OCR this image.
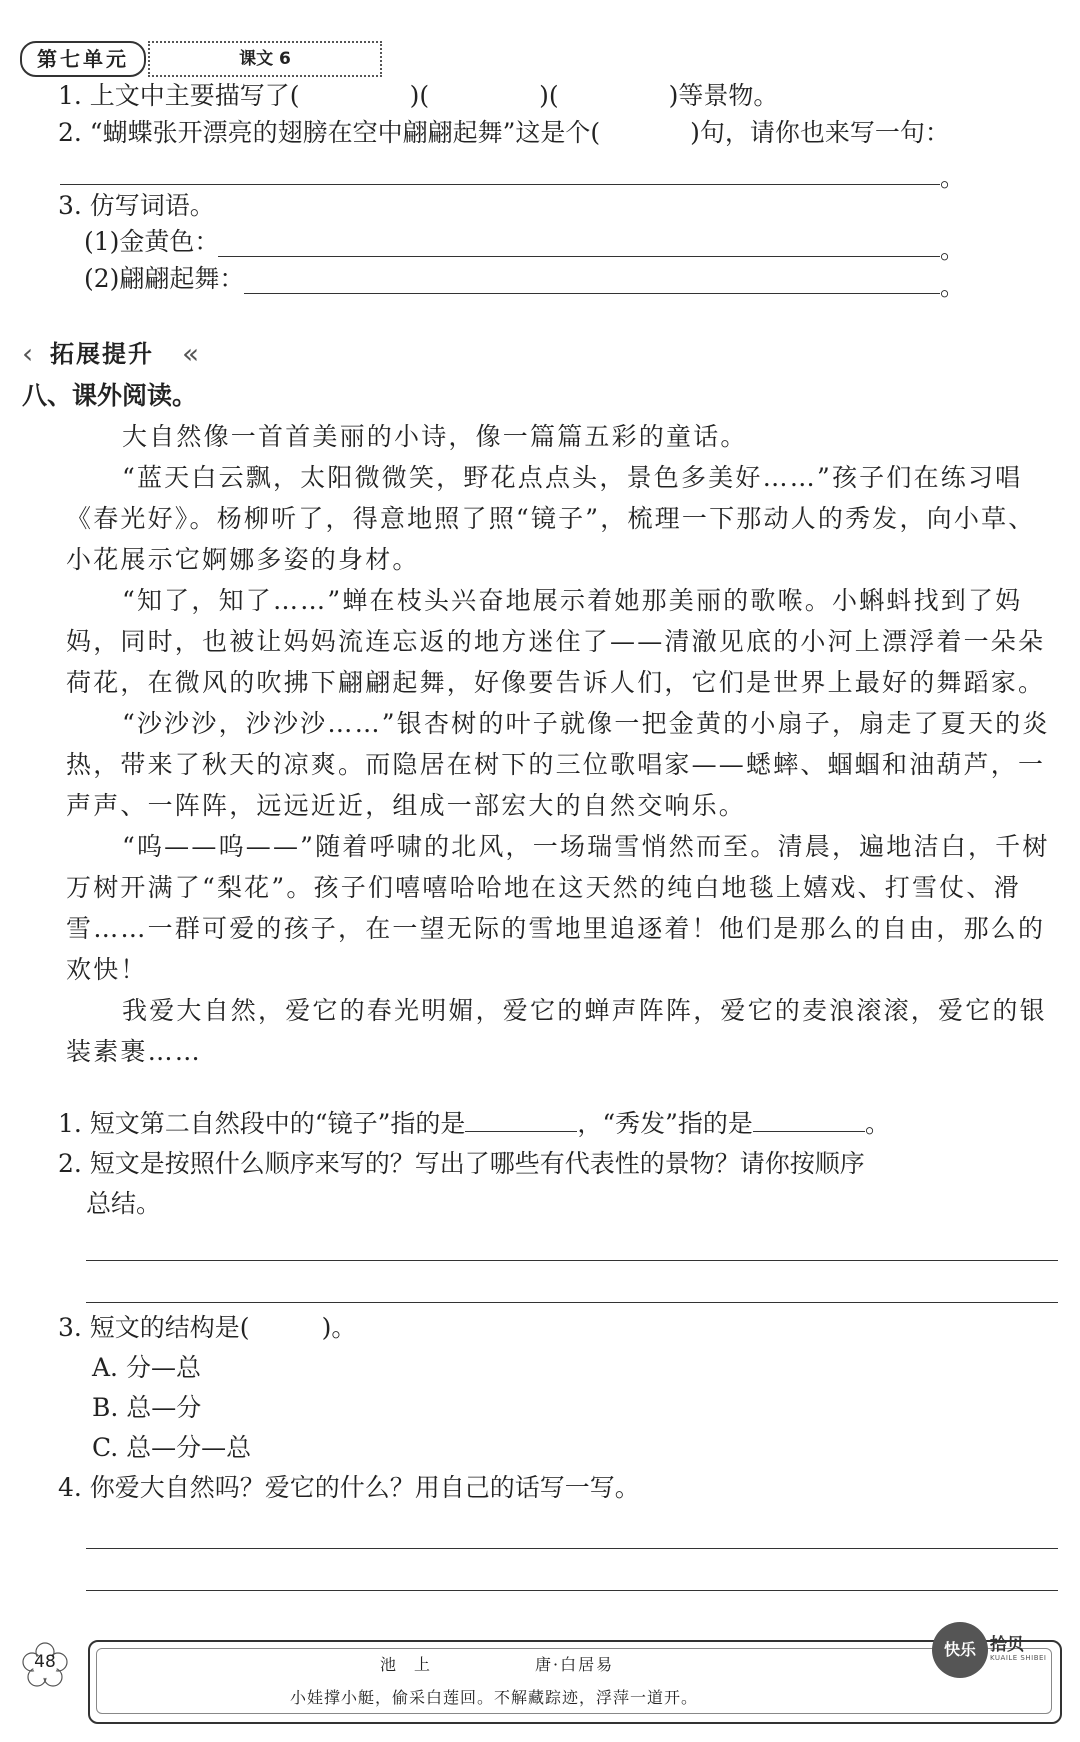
第七单元	课文 6
1. 上文中主要描写了(	)(	)(	)等景物。
2. “蝴蝶张开漂亮的翅膀在空中翩翩起舞”这是个(	)句，请你也来写一句：
。
3. 仿写词语。
(1)金黄色：	。
(2)翩翩起舞：	。
‹ 拓展提升 «
八、课外阅读。

大自然像一首首美丽的小诗，像一篇篇五彩的童话。

“蓝天白云飘，太阳微微笑，野花点点头，景色多美好……”孩子们在练习唱《春光好》。杨柳听了，得意地照了照“镜子”，梳理一下那动人的秀发，向小草、小花展示它婀娜多姿的身材。

“知了，知了……”蝉在枝头兴奋地展示着她那美丽的歌喉。小蝌蚪找到了妈妈，同时，也被让妈妈流连忘返的地方迷住了——清澈见底的小河上漂浮着一朵朵荷花，在微风的吹拂下翩翩起舞，好像要告诉人们，它们是世界上最好的舞蹈家。

“沙沙沙，沙沙沙……”银杏树的叶子就像一把金黄的小扇子，扇走了夏天的炎热，带来了秋天的凉爽。而隐居在树下的三位歌唱家——蟋蟀、蝈蝈和油葫芦，一声声、一阵阵，远远近近，组成一部宏大的自然交响乐。

“呜——呜——”随着呼啸的北风，一场瑞雪悄然而至。清晨，遍地洁白，千树万树开满了“梨花”。孩子们嘻嘻哈哈地在这天然的纯白地毯上嬉戏、打雪仗、滑雪……一群可爱的孩子，在一望无际的雪地里追逐着！他们是那么的自由，那么的欢快！

我爱大自然，爱它的春光明媚，爱它的蝉声阵阵，爱它的麦浪滚滚，爱它的银装素裹……

1. 短文第二自然段中的“镜子”指的是	，“秀发”指的是	。
2. 短文是按照什么顺序来写的？写出了哪些有代表性的景物？请你按顺序
总结。
3. 短文的结构是(	)。
A. 分—总
B. 总—分
C. 总—分—总
4. 你爱大自然吗？爱它的什么？用自己的话写一写。
48	池上	唐·白居易
小娃撑小艇，偷采白莲回。不解藏踪迹，浮萍一道开。
快乐 拾贝
KUAILE SHIBEI
